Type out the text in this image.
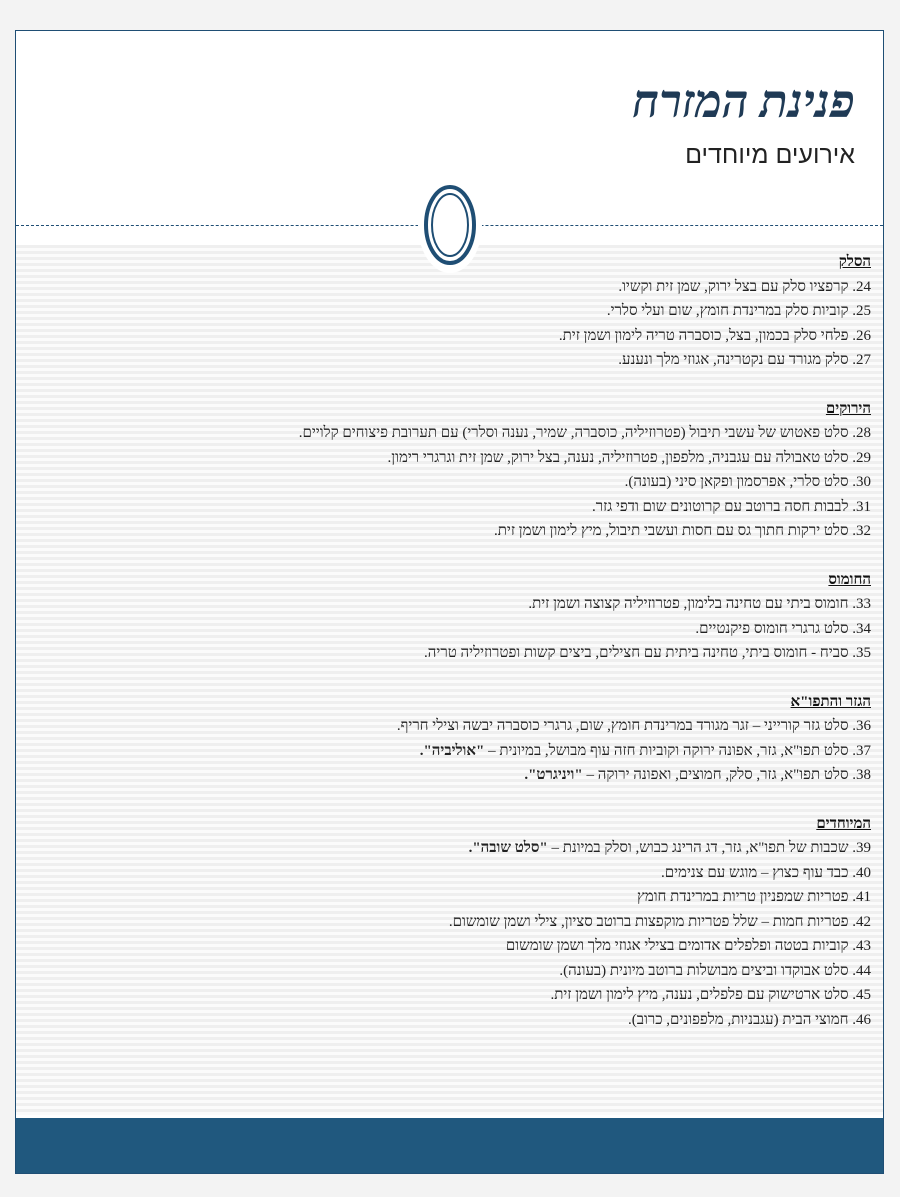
פנינת המזרח
אירועים מיוחדים
הסלק
24. קרפציו סלק עם בצל ירוק, שמן זית וקשיו.
25. קוביות סלק במרינדת חומץ, שום ועלי סלרי.
26. פלחי סלק בכמון, בצל, כוסברה טריה לימון ושמן זית.
27. סלק מגורד עם נקטרינה, אגוזי מלך ונענע.
הירוקים
28. סלט פאטוש של עשבי תיבול (פטרוזיליה, כוסברה, שמיר, נענה וסלרי) עם תערובת פיצוחים קלויים.
29. סלט טאבולה עם עגבניה, מלפפון, פטרוזיליה, נענה, בצל ירוק, שמן זית וגרגרי רימון.
30. סלט סלרי, אפרסמון ופקאן סיני (בעונה).
31. לבבות חסה ברוטב עם קרוטונים שום ודפי גזר.
32. סלט ירקות חתוך גס עם חסות ועשבי תיבול, מיץ לימון ושמן זית.
החומוס
33. חומוס ביתי עם טחינה בלימון, פטרוזיליה קצוצה ושמן זית.
34. סלט גרגרי חומוס פיקנטיים.
35. סביח - חומוס ביתי, טחינה ביתית עם חצילים, ביצים קשות ופטרוזיליה טריה.
הגזר והתפו"א
36. סלט גזר קורייני – זגר מגורד במרינדת חומץ, שום, גרגרי כוסברה יבשה וצילי חריף.
37. סלט תפו"א, גזר, אפונה ירוקה וקוביות חזה עוף מבושל, במיונית – "אוליביה".
38. סלט תפו"א, גזר, סלק, חמוצים, ואפונה ירוקה – "ויניגרט".
המיוחדים
39. שכבות של תפו"א, גזר, דג הרינג כבוש, וסלק במיונת – "סלט שובה".
40. כבד עוף כצוץ – מוגש עם צנימים.
41. פטריות שמפניון טריות במרינדת חומץ
42. פטריות חמות – שלל פטריות מוקפצות ברוטב סציון, צילי ושמן שומשום.
43. קוביות בטטה ופלפלים אדומים בצילי אגוזי מלך ושמן שומשום
44. סלט אבוקדו וביצים מבושלות ברוטב מיונית (בעונה).
45. סלט ארטישוק עם פלפלים, נענה, מיץ לימון ושמן זית.
46. חמוצי הבית (עגבניות, מלפפונים, כרוב).
